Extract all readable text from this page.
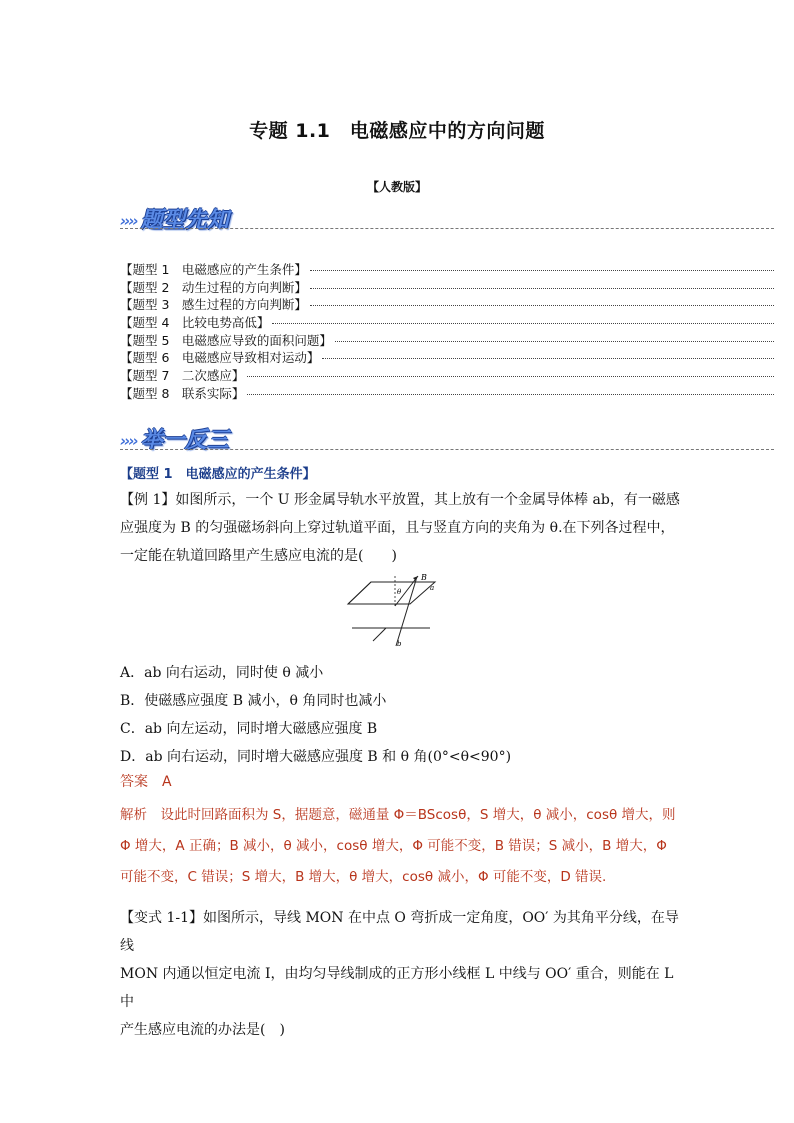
专题 1.1　电磁感应中的方向问题
【人教版】
›››› 题型先知
【题型 1　电磁感应的产生条件】
【题型 2　动生过程的方向判断】
【题型 3　感生过程的方向判断】
【题型 4　比较电势高低】
【题型 5　电磁感应导致的面积问题】
【题型 6　电磁感应导致相对运动】
【题型 7　二次感应】
【题型 8　联系实际】
›››› 举一反三
【题型 1　电磁感应的产生条件】
【例 1】如图所示，一个 U 形金属导轨水平放置，其上放有一个金属导体棒 ab，有一磁感
应强度为 B 的匀强磁场斜向上穿过轨道平面，且与竖直方向的夹角为 θ.在下列各过程中，
一定能在轨道回路里产生感应电流的是(　　)
B
θ	a
b
A．ab 向右运动，同时使 θ 减小
B．使磁感应强度 B 减小，θ 角同时也减小
C．ab 向左运动，同时增大磁感应强度 B
D．ab 向右运动，同时增大磁感应强度 B 和 θ 角(0°<θ<90°)
答案　A
解析　设此时回路面积为 S，据题意，磁通量 Φ＝BScosθ，S 增大，θ 减小，cosθ 增大，则
Φ 增大，A 正确；B 减小，θ 减小，cosθ 增大，Φ 可能不变，B 错误；S 减小，B 增大，Φ
可能不变，C 错误；S 增大，B 增大，θ 增大，cosθ 减小，Φ 可能不变，D 错误.
【变式 1-1】如图所示，导线 MON 在中点 O 弯折成一定角度，OO′ 为其角平分线，在导线
MON 内通以恒定电流 I，由均匀导线制成的正方形小线框 L 中线与 OO′ 重合，则能在 L 中
产生感应电流的办法是(　)
